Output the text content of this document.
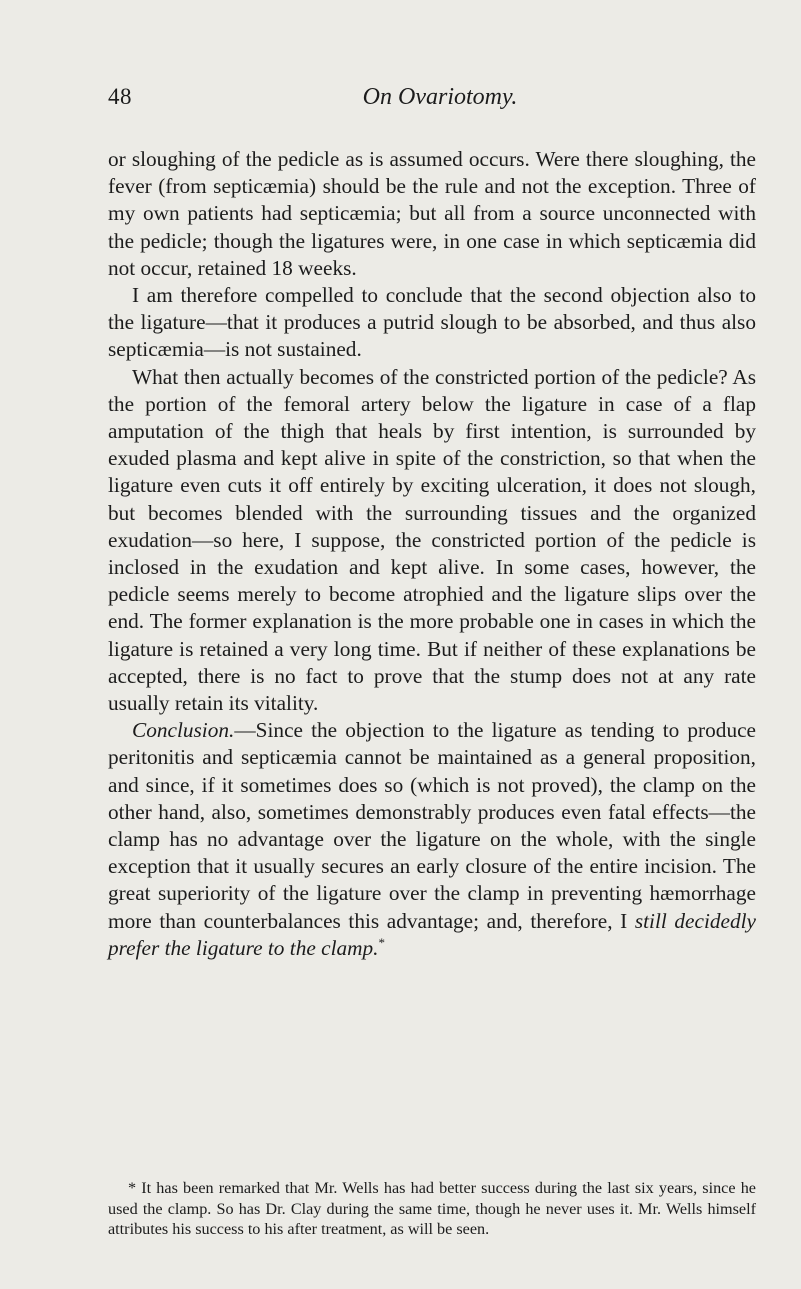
48	On Ovariotomy.

or sloughing of the pedicle as is assumed occurs. Were there sloughing, the fever (from septicæmia) should be the rule and not the exception. Three of my own patients had septicæmia; but all from a source unconnected with the pedicle; though the ligatures were, in one case in which septicæmia did not occur, retained 18 weeks.

I am therefore compelled to conclude that the second objection also to the ligature—that it produces a putrid slough to be absorbed, and thus also septicæmia—is not sustained.

What then actually becomes of the constricted portion of the pedicle? As the portion of the femoral artery below the ligature in case of a flap amputation of the thigh that heals by first intention, is surrounded by exuded plasma and kept alive in spite of the constriction, so that when the ligature even cuts it off entirely by exciting ulceration, it does not slough, but becomes blended with the surrounding tissues and the organized exudation—so here, I suppose, the constricted portion of the pedicle is inclosed in the exudation and kept alive. In some cases, however, the pedicle seems merely to become atrophied and the ligature slips over the end. The former explanation is the more probable one in cases in which the ligature is retained a very long time. But if neither of these explanations be accepted, there is no fact to prove that the stump does not at any rate usually retain its vitality.

Conclusion.—Since the objection to the ligature as tending to produce peritonitis and septicæmia cannot be maintained as a general proposition, and since, if it sometimes does so (which is not proved), the clamp on the other hand, also, sometimes demonstrably produces even fatal effects—the clamp has no advantage over the ligature on the whole, with the single exception that it usually secures an early closure of the entire incision. The great superiority of the ligature over the clamp in preventing hæmorrhage more than counterbalances this advantage; and, therefore, I still decidedly prefer the ligature to the clamp.*

* It has been remarked that Mr. Wells has had better success during the last six years, since he used the clamp. So has Dr. Clay during the same time, though he never uses it. Mr. Wells himself attributes his success to his after treatment, as will be seen.
